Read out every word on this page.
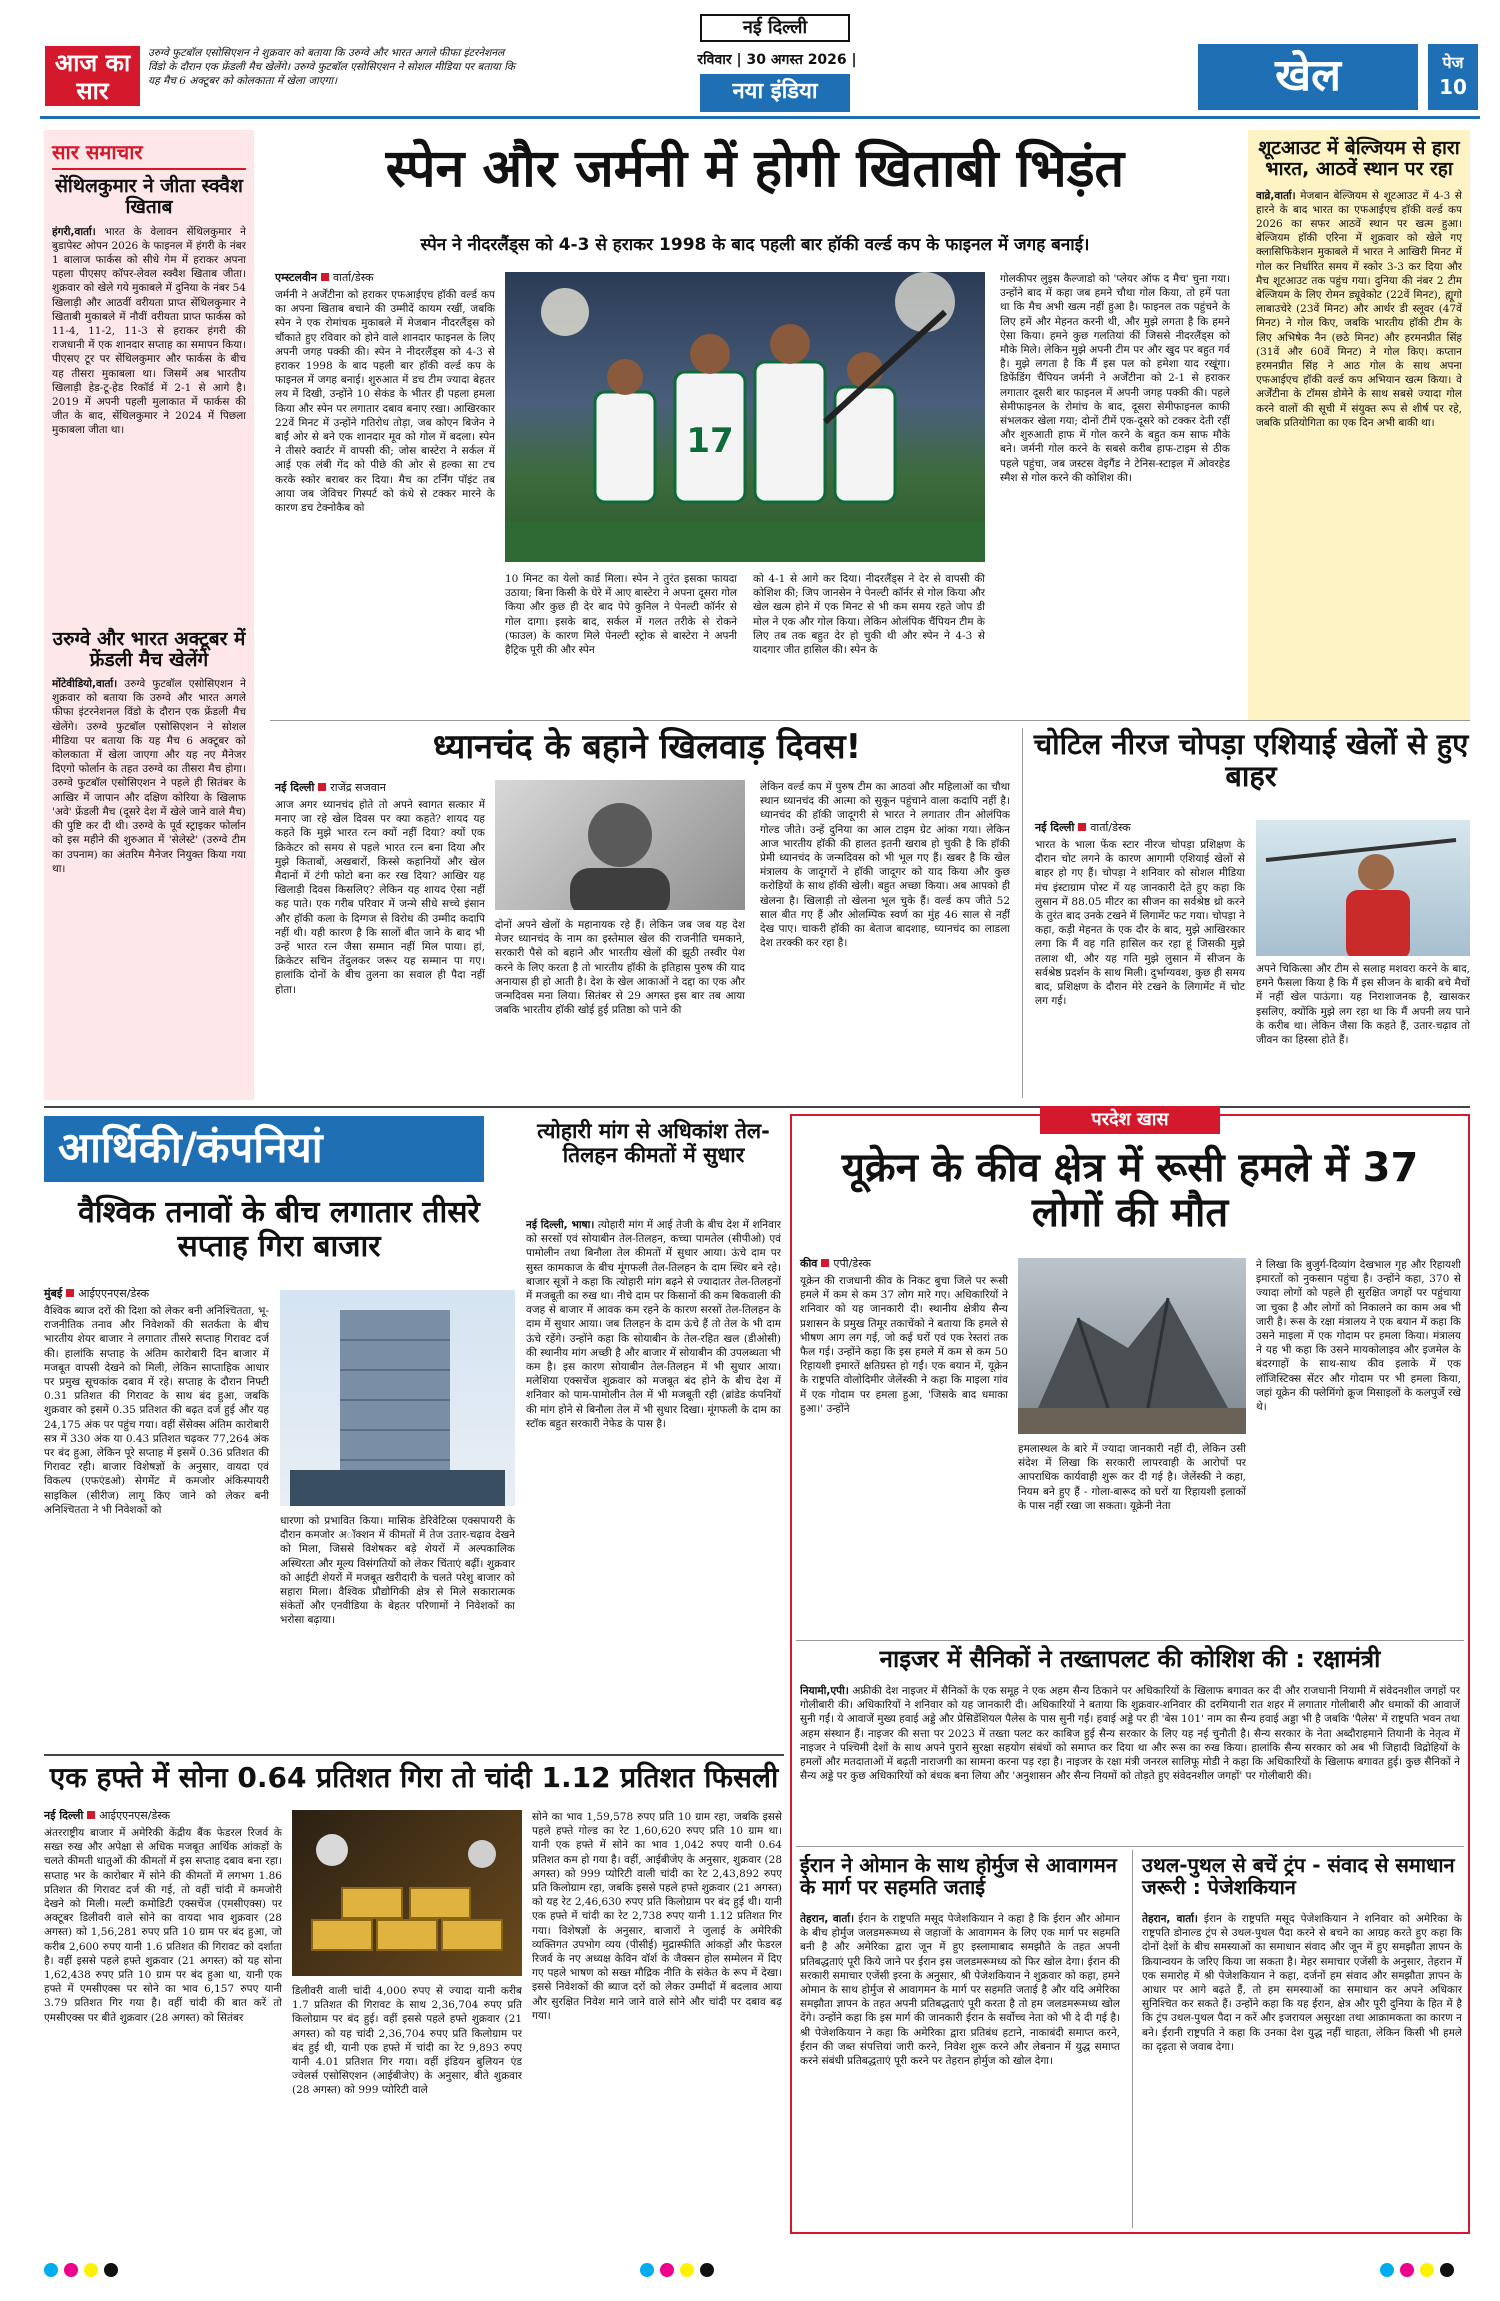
आज का सार
उरुग्वे फुटबॉल एसोसिएशन ने शुक्रवार को बताया कि उरुग्वे और भारत अगले फीफा इंटरनेशनल विंडो के दौरान एक फ्रेंडली मैच खेलेंगे। उरुग्वे फुटबॉल एसोसिएशन ने सोशल मीडिया पर बताया कि यह मैच 6 अक्टूबर को कोलकाता में खेला जाएगा।
नई दिल्ली
रविवार | 30 अगस्त 2026 |
नया इंडिया	खेल	पेज
10
सार समाचार
सेंथिलकुमार ने जीता स्क्वैश खिताब
हंगरी,वार्ता। भारत के वेलावन सेंथिलकुमार ने बुडापेस्ट ओपन 2026 के फाइनल में हंगरी के नंबर 1 बालाज फार्कस को सीधे गेम में हराकर अपना पहला पीएसए कॉपर-लेवल स्क्वैश खिताब जीता। शुक्रवार को खेले गये मुकाबले में दुनिया के नंबर 54 खिलाड़ी और आठवीं वरीयता प्राप्त सेंथिलकुमार ने खिताबी मुकाबले में नौवीं वरीयता प्राप्त फार्कस को 11-4, 11-2, 11-3 से हराकर हंगरी की राजधानी में एक शानदार सप्ताह का समापन किया। पीएसए टूर पर सेंथिलकुमार और फार्कस के बीच यह तीसरा मुकाबला था। जिसमें अब भारतीय खिलाड़ी हेड-टू-हेड रिकॉर्ड में 2-1 से आगे है। 2019 में अपनी पहली मुलाकात में फार्कस की जीत के बाद, सेंथिलकुमार ने 2024 में पिछला मुकाबला जीता था।
उरुग्वे और भारत अक्टूबर में फ्रेंडली मैच खेलेंगे
मोंटेवीडियो,वार्ता। उरुग्वे फुटबॉल एसोसिएशन ने शुक्रवार को बताया कि उरुग्वे और भारत अगले फीफा इंटरनेशनल विंडो के दौरान एक फ्रेंडली मैच खेलेंगे। उरुग्वे फुटबॉल एसोसिएशन ने सोशल मीडिया पर बताया कि यह मैच 6 अक्टूबर को कोलकाता में खेला जाएगा और यह नए मैनेजर दिएगो फोर्लान के तहत उरुग्वे का तीसरा मैच होगा। उरुग्वे फुटबॉल एसोसिएशन ने पहले ही सितंबर के आखिर में जापान और दक्षिण कोरिया के खिलाफ 'अवे' फ्रेंडली मैच (दूसरे देश में खेले जाने वाले मैच) की पुष्टि कर दी थी। उरुग्वे के पूर्व स्ट्राइकर फोर्लान को इस महीने की शुरुआत में 'सेलेस्टे' (उरुग्वे टीम का उपनाम) का अंतरिम मैनेजर नियुक्त किया गया था।
स्पेन और जर्मनी में होगी खिताबी भिड़ंत
स्पेन ने नीदरलैंड्स को 4-3 से हराकर 1998 के बाद पहली बार हॉकी वर्ल्ड कप के फाइनल में जगह बनाई।
एम्स्टलवीन वार्ता/डेस्क
जर्मनी ने अर्जेंटीना को हराकर एफआईएच हॉकी वर्ल्ड कप का अपना खिताब बचाने की उम्मीदें कायम रखीं, जबकि स्पेन ने एक रोमांचक मुकाबले में मेजबान नीदरलैंड्स को चौंकाते हुए रविवार को होने वाले शानदार फाइनल के लिए अपनी जगह पक्की की। स्पेन ने नीदरलैंड्स को 4-3 से हराकर 1998 के बाद पहली बार हॉकी वर्ल्ड कप के फाइनल में जगह बनाई। शुरुआत में डच टीम ज्यादा बेहतर लय में दिखी, उन्होंने 10 सेकंड के भीतर ही पहला हमला किया और स्पेन पर लगातार दबाव बनाए रखा। आखिरकार 22वें मिनट में उन्होंने गतिरोध तोड़ा, जब कोएन बिजेन ने बाईं ओर से बने एक शानदार मूव को गोल में बदला। स्पेन ने तीसरे क्वार्टर में वापसी की; जोस बास्टेरा ने सर्कल में आई एक लंबी गेंद को पीछे की ओर से हल्का सा टच करके स्कोर बराबर कर दिया। मैच का टर्निंग पॉइंट तब आया जब जेविचर गिस्पर्ट को कंधे से टक्कर मारने के कारण डच टेक्नोकैब को
17
10 मिनट का येलो कार्ड मिला। स्पेन ने तुरंत इसका फायदा उठाया; बिना किसी के घेरे में आए बास्टेरा ने अपना दूसरा गोल किया और कुछ ही देर बाद पेपे कुनिल ने पेनल्टी कॉर्नर से गोल दागा। इसके बाद, सर्कल में गलत तरीके से रोकने (फाउल) के कारण मिले पेनल्टी स्ट्रोक से बास्टेरा ने अपनी हैट्रिक पूरी की और स्पेन
को 4-1 से आगे कर दिया। नीदरलैंड्स ने देर से वापसी की कोशिश की; जिप जानसेन ने पेनल्टी कॉर्नर से गोल किया और खेल खत्म होने में एक मिनट से भी कम समय रहते जोप डी मोल ने एक और गोल किया। लेकिन ओलंपिक चैंपियन टीम के लिए तब तक बहुत देर हो चुकी थी और स्पेन ने 4-3 से यादगार जीत हासिल की। स्पेन के
गोलकीपर लुइस कैल्जाडो को 'प्लेयर ऑफ द मैच' चुना गया। उन्होंने बाद में कहा जब हमने चौथा गोल किया, तो हमें पता था कि मैच अभी खत्म नहीं हुआ है। फाइनल तक पहुंचने के लिए हमें और मेहनत करनी थी, और मुझे लगता है कि हमने ऐसा किया। हमने कुछ गलतियां कीं जिससे नीदरलैंड्स को मौके मिले। लेकिन मुझे अपनी टीम पर और खुद पर बहुत गर्व है। मुझे लगता है कि मैं इस पल को हमेशा याद रखूंगा। डिफेंडिंग चैंपियन जर्मनी ने अर्जेंटीना को 2-1 से हराकर लगातार दूसरी बार फाइनल में अपनी जगह पक्की की। पहले सेमीफाइनल के रोमांच के बाद, दूसरा सेमीफाइनल काफी संभलकर खेला गया; दोनों टीमें एक-दूसरे को टक्कर देती रहीं और शुरुआती हाफ में गोल करने के बहुत कम साफ मौके बने। जर्मनी गोल करने के सबसे करीब हाफ-टाइम से ठीक पहले पहुंचा, जब जस्टस वेइगैंड ने टेनिस-स्टाइल में ओवरहेड स्मैश से गोल करने की कोशिश की।
शूटआउट में बेल्जियम से हारा भारत, आठवें स्थान पर रहा
वाव्रे,वार्ता। मेजबान बेल्जियम से शूटआउट में 4-3 से हारने के बाद भारत का एफआईएच हॉकी वर्ल्ड कप 2026 का सफर आठवें स्थान पर खत्म हुआ। बेल्जियम हॉकी एरिना में शुक्रवार को खेले गए क्लासिफिकेशन मुकाबले में भारत ने आखिरी मिनट में गोल कर निर्धारित समय में स्कोर 3-3 कर दिया और मैच शूटआउट तक पहुंच गया। दुनिया की नंबर 2 टीम बेल्जियम के लिए रोमन ड्यूवेकोट (22वें मिनट), ह्यूगो लाबाउचेरे (23वें मिनट) और आर्थर डी स्लूवर (47वें मिनट) ने गोल किए, जबकि भारतीय हॉकी टीम के लिए अभिषेक नैन (छठे मिनट) और हरमनप्रीत सिंह (31वें और 60वें मिनट) ने गोल किए। कप्तान हरमनप्रीत सिंह ने आठ गोल के साथ अपना एफआईएच हॉकी वर्ल्ड कप अभियान खत्म किया। वे अर्जेंटीना के टॉमस डोमेने के साथ सबसे ज्यादा गोल करने वालों की सूची में संयुक्त रूप से शीर्ष पर रहे, जबकि प्रतियोगिता का एक दिन अभी बाकी था।
ध्यानचंद के बहाने खिलवाड़ दिवस!
नई दिल्ली राजेंद्र सजवान
आज अगर ध्यानचंद होते तो अपने स्वागत सत्कार में मनाए जा रहे खेल दिवस पर क्या कहते? शायद यह कहते कि मुझे भारत रत्न क्यों नहीं दिया? क्यों एक क्रिकेटर को समय से पहले भारत रत्न बना दिया और मुझे किताबों, अखबारों, किस्से कहानियों और खेल मैदानों में टंगी फोटो बना कर रख दिया? आखिर यह खिलाड़ी दिवस किसलिए? लेकिन यह शायद ऐसा नहीं कह पाते। एक गरीब परिवार में जन्मे सीधे सच्चे इंसान और हॉकी कला के दिग्गज से विरोध की उम्मीद कदापि नहीं थी। यही कारण है कि सालों बीत जाने के बाद भी उन्हें भारत रत्न जैसा सम्मान नहीं मिल पाया। हां, क्रिकेटर सचिन तेंदुलकर जरूर यह सम्मान पा गए। हालांकि दोनों के बीच तुलना का सवाल ही पैदा नहीं होता।
दोनों अपने खेलों के महानायक रहे हैं। लेकिन जब जब यह देश मेजर ध्यानचंद के नाम का इस्तेमाल खेल की राजनीति चमकाने, सरकारी पैसे को बहाने और भारतीय खेलों की झूठी तस्वीर पेश करने के लिए करता है तो भारतीय हॉकी के इतिहास पुरुष की याद अनायास ही हो आती है। देश के खेल आकाओं ने दद्दा का एक और जन्मदिवस मना लिया। सितंबर से 29 अगस्त इस बार तब आया जबकि भारतीय हॉकी खोई हुई प्रतिष्ठा को पाने की
लेकिन वर्ल्ड कप में पुरुष टीम का आठवां और महिलाओं का चौथा स्थान ध्यानचंद की आत्मा को सुकून पहुंचाने वाला कदापि नहीं है। ध्यानचंद की हॉकी जादूगरी से भारत ने लगातार तीन ओलंपिक गोल्ड जीते। उन्हें दुनिया का आल टाइम ग्रेट आंका गया। लेकिन आज भारतीय हॉकी की हालत इतनी खराब हो चुकी है कि हॉकी प्रेमी ध्यानचंद के जन्मदिवस को भी भूल गए हैं। खबर है कि खेल मंत्रालय के जादूगरों ने हॉकी जादूगर को याद किया और कुछ करोड़ियों के साथ हॉकी खेली। बहुत अच्छा किया। अब आपको ही खेलना है। खिलाड़ी तो खेलना भूल चुके हैं। वर्ल्ड कप जीते 52 साल बीत गए हैं और ओलम्पिक स्वर्ण का मुंह 46 साल से नहीं देख पाए। चाकरी हॉकी का बेताज बादशाह, ध्यानचंद का लाडला देश तरक्की कर रहा है।
चोटिल नीरज चोपड़ा एशियाई खेलों से हुए बाहर
नई दिल्ली वार्ता/डेस्क
भारत के भाला फेंक स्टार नीरज चोपड़ा प्रशिक्षण के दौरान चोट लगने के कारण आगामी एशियाई खेलों से बाहर हो गए हैं। चोपड़ा ने शनिवार को सोशल मीडिया मंच इंस्टाग्राम पोस्ट में यह जानकारी देते हुए कहा कि लुसान में 88.05 मीटर का सीजन का सर्वश्रेष्ठ थ्रो करने के तुरंत बाद उनके टखने में लिगामेंट फट गया। चोपड़ा ने कहा, कड़ी मेहनत के एक दौर के बाद, मुझे आखिरकार लगा कि मैं वह गति हासिल कर रहा हूं जिसकी मुझे तलाश थी, और यह गति मुझे लुसान में सीजन के सर्वश्रेष्ठ प्रदर्शन के साथ मिली। दुर्भाग्यवश, कुछ ही समय बाद, प्रशिक्षण के दौरान मेरे टखने के लिगामेंट में चोट लग गई।
अपने चिकित्सा और टीम से सलाह मशवरा करने के बाद, हमने फैसला किया है कि मैं इस सीजन के बाकी बचे मैचों में नहीं खेल पाऊंगा। यह निराशाजनक है, खासकर इसलिए, क्योंकि मुझे लग रहा था कि मैं अपनी लय पाने के करीब था। लेकिन जैसा कि कहते हैं, उतार-चढ़ाव तो जीवन का हिस्सा होते हैं।
आर्थिकी/कंपनियां
वैश्विक तनावों के बीच लगातार तीसरे सप्ताह गिरा बाजार
मुंबई आईएएनएस/डेस्क
वैश्विक ब्याज दरों की दिशा को लेकर बनी अनिश्चितता, भू-राजनीतिक तनाव और निवेशकों की सतर्कता के बीच भारतीय शेयर बाजार ने लगातार तीसरे सप्ताह गिरावट दर्ज की। हालांकि सप्ताह के अंतिम कारोबारी दिन बाजार में मजबूत वापसी देखने को मिली, लेकिन साप्ताहिक आधार पर प्रमुख सूचकांक दबाव में रहे। सप्ताह के दौरान निफ्टी 0.31 प्रतिशत की गिरावट के साथ बंद हुआ, जबकि शुक्रवार को इसमें 0.35 प्रतिशत की बढ़त दर्ज हुई और यह 24,175 अंक पर पहुंच गया। वहीं सेंसेक्स अंतिम कारोबारी सत्र में 330 अंक या 0.43 प्रतिशत चढ़कर 77,264 अंक पर बंद हुआ, लेकिन पूरे सप्ताह में इसमें 0.36 प्रतिशत की गिरावट रही। बाजार विशेषज्ञों के अनुसार, वायदा एवं विकल्प (एफएंडओ) सेगमेंट में कमजोर अंकिस्पायरी साइकिल (सीरीज) लागू किए जाने को लेकर बनी अनिश्चितता ने भी निवेशकों को
धारणा को प्रभावित किया। मासिक डेरिवेटिव्स एक्सपायरी के दौरान कमजोर अॉक्शन में कीमतों में तेज उतार-चढ़ाव देखने को मिला, जिससे विशेषकर बड़े शेयरों में अल्पकालिक अस्थिरता और मूल्य विसंगतियों को लेकर चिंताएं बढ़ीं। शुक्रवार को आईटी शेयरों में मजबूत खरीदारी के चलते परेशु बाजार को सहारा मिला। वैश्विक प्रौद्योगिकी क्षेत्र से मिले सकारात्मक संकेतों और एनवीडिया के बेहतर परिणामों ने निवेशकों का भरोसा बढ़ाया।
त्योहारी मांग से अधिकांश तेल-तिलहन कीमतों में सुधार
नई दिल्ली, भाषा। त्योहारी मांग में आई तेजी के बीच देश में शनिवार को सरसों एवं सोयाबीन तेल-तिलहन, कच्चा पामतेल (सीपीओ) एवं पामोलीन तथा बिनौला तेल कीमतों में सुधार आया। ऊंचे दाम पर सुस्त कामकाज के बीच मूंगफली तेल-तिलहन के दाम स्थिर बने रहे। बाजार सूत्रों ने कहा कि त्योहारी मांग बढ़ने से ज्यादातर तेल-तिलहनों में मजबूती का रुख था। नीचे दाम पर किसानों की कम बिकवाली की वजह से बाजार में आवक कम रहने के कारण सरसों तेल-तिलहन के दाम में सुधार आया। जब तिलहन के दाम ऊंचे हैं तो तेल के भी दाम ऊंचे रहेंगे। उन्होंने कहा कि सोयाबीन के तेल-रहित खल (डीओसी) की स्थानीय मांग अच्छी है और बाजार में सोयाबीन की उपलब्धता भी कम है। इस कारण सोयाबीन तेल-तिलहन में भी सुधार आया। मलेशिया एक्सचेंज शुक्रवार को मजबूत बंद होने के बीच देश में शनिवार को पाम-पामोलीन तेल में भी मजबूती रही (ब्रांडेड कंपनियों की मांग होने से बिनौला तेल में भी सुधार दिखा। मूंगफली के दाम का स्टॉक बहुत सरकारी नेफेड के पास है।
एक हफ्ते में सोना 0.64 प्रतिशत गिरा तो चांदी 1.12 प्रतिशत फिसली
नई दिल्ली आईएएनएस/डेस्क
अंतरराष्ट्रीय बाजार में अमेरिकी केंद्रीय बैंक फेडरल रिजर्व के सख्त रुख और अपेक्षा से अधिक मजबूत आर्थिक आंकड़ों के चलते कीमती धातुओं की कीमतों में इस सप्ताह दबाव बना रहा। सप्ताह भर के कारोबार में सोने की कीमतों में लगभग 1.86 प्रतिशत की गिरावट दर्ज की गई, तो वहीं चांदी में कमजोरी देखने को मिली। मल्टी कमोडिटी एक्सचेंज (एमसीएक्स) पर अक्टूबर डिलीवरी वाले सोने का वायदा भाव शुक्रवार (28 अगस्त) को 1,56,281 रुपए प्रति 10 ग्राम पर बंद हुआ, जो करीब 2,600 रुपए यानी 1.6 प्रतिशत की गिरावट को दर्शाता है। वहीं इससे पहले हफ्ते शुक्रवार (21 अगस्त) को यह सोना 1,62,438 रुपए प्रति 10 ग्राम पर बंद हुआ था, यानी एक हफ्ते में एमसीएक्स पर सोने का भाव 6,157 रुपए यानी 3.79 प्रतिशत गिर गया है। वहीं चांदी की बात करें तो एमसीएक्स पर बीते शुक्रवार (28 अगस्त) को सितंबर
डिलीवरी वाली चांदी 4,000 रुपए से ज्यादा यानी करीब 1.7 प्रतिशत की गिरावट के साथ 2,36,704 रुपए प्रति किलोग्राम पर बंद हुई। वहीं इससे पहले हफ्ते शुक्रवार (21 अगस्त) को यह चांदी 2,36,704 रुपए प्रति किलोग्राम पर बंद हुई थी, यानी एक हफ्ते में चांदी का रेट 9,893 रुपए यानी 4.01 प्रतिशत गिर गया। वहीं इंडियन बुलियन एंड ज्वेलर्स एसोसिएशन (आईबीजेए) के अनुसार, बीते शुक्रवार (28 अगस्त) को 999 प्योरिटी वाले
सोने का भाव 1,59,578 रुपए प्रति 10 ग्राम रहा, जबकि इससे पहले हफ्ते गोल्ड का रेट 1,60,620 रुपए प्रति 10 ग्राम था। यानी एक हफ्ते में सोने का भाव 1,042 रुपए यानी 0.64 प्रतिशत कम हो गया है। वहीं, आईबीजेए के अनुसार, शुक्रवार (28 अगस्त) को 999 प्योरिटी वाली चांदी का रेट 2,43,892 रुपए प्रति किलोग्राम रहा, जबकि इससे पहले हफ्ते शुक्रवार (21 अगस्त) को यह रेट 2,46,630 रुपए प्रति किलोग्राम पर बंद हुई थी। यानी एक हफ्ते में चांदी का रेट 2,738 रुपए यानी 1.12 प्रतिशत गिर गया। विशेषज्ञों के अनुसार, बाजारों ने जुलाई के अमेरिकी व्यक्तिगत उपभोग व्यय (पीसीई) मुद्रास्फीति आंकड़ों और फेडरल रिजर्व के नए अध्यक्ष केविन वॉर्श के जैक्सन होल सम्मेलन में दिए गए पहले भाषण को सख्त मौद्रिक नीति के संकेत के रूप में देखा। इससे निवेशकों की ब्याज दरों को लेकर उम्मीदों में बदलाव आया और सुरक्षित निवेश माने जाने वाले सोने और चांदी पर दबाव बढ़ गया।
परदेश खास
यूक्रेन के कीव क्षेत्र में रूसी हमले में 37 लोगों की मौत
कीव एपी/डेस्क
यूक्रेन की राजधानी कीव के निकट बुचा जिले पर रूसी हमले में कम से कम 37 लोग मारे गए। अधिकारियों ने शनिवार को यह जानकारी दी। स्थानीय क्षेत्रीय सैन्य प्रशासन के प्रमुख तिमूर तकाचेंको ने बताया कि हमले से भीषण आग लग गई, जो कई घरों एवं एक रेस्तरां तक फैल गई। उन्होंने कहा कि इस हमले में कम से कम 50 रिहायशी इमारतें क्षतिग्रस्त हो गईं। एक बयान में, यूक्रेन के राष्ट्रपति वोलोदिमीर जेलेंस्की ने कहा कि माइला गांव में एक गोदाम पर हमला हुआ, 'जिसके बाद धमाका हुआ।' उन्होंने
हमलास्थल के बारे में ज्यादा जानकारी नहीं दी, लेकिन उसी संदेश में लिखा कि सरकारी लापरवाही के आरोपों पर आपराधिक कार्यवाही शुरू कर दी गई है। जेलेंस्की ने कहा, नियम बने हुए हैं - गोला-बारूद को घरों या रिहायशी इलाकों के पास नहीं रखा जा सकता। यूक्रेनी नेता
ने लिखा कि बुजुर्ग-दिव्यांग देखभाल गृह और रिहायशी इमारतों को नुकसान पहुंचा है। उन्होंने कहा, 370 से ज्यादा लोगों को पहले ही सुरक्षित जगहों पर पहुंचाया जा चुका है और लोगों को निकालने का काम अब भी जारी है। रूस के रक्षा मंत्रालय ने एक बयान में कहा कि उसने माइला में एक गोदाम पर हमला किया। मंत्रालय ने यह भी कहा कि उसने मायकोलाइव और इजमेल के बंदरगाहों के साथ-साथ कीव इलाके में एक लॉजिस्टिक्स सेंटर और गोदाम पर भी हमला किया, जहां यूक्रेन की फ्लेमिंगो क्रूज मिसाइलों के कलपुर्जे रखे थे।
नाइजर में सैनिकों ने तख्तापलट की कोशिश की : रक्षामंत्री
नियामी,एपी। अफ्रीकी देश नाइजर में सैनिकों के एक समूह ने एक अहम सैन्य ठिकाने पर अधिकारियों के खिलाफ बगावत कर दी और राजधानी नियामी में संवेदनशील जगहों पर गोलीबारी की। अधिकारियों ने शनिवार को यह जानकारी दी। अधिकारियों ने बताया कि शुक्रवार-शनिवार की दरमियानी रात शहर में लगातार गोलीबारी और धमाकों की आवाजें सुनी गईं। ये आवाजें मुख्य हवाई अड्डे और प्रेसिडेंशियल पैलेस के पास सुनी गईं। हवाई अड्डे पर ही 'बेस 101' नाम का सैन्य हवाई अड्डा भी है जबकि 'पैलेस' में राष्ट्रपति भवन तथा अहम संस्थान हैं। नाइजर की सत्ता पर 2023 में तख्ता पलट कर काबिज हुई सैन्य सरकार के लिए यह नई चुनौती है। सैन्य सरकार के नेता अब्दौराहमाने तियानी के नेतृत्व में नाइजर ने पश्चिमी देशों के साथ अपने पुराने सुरक्षा सहयोग संबंधों को समाप्त कर दिया था और रूस का रुख किया। हालांकि सैन्य सरकार को अब भी जिहादी विद्रोहियों के हमलों और मतदाताओं में बढ़ती नाराजगी का सामना करना पड़ रहा है। नाइजर के रक्षा मंत्री जनरल सालिफू मोडी ने कहा कि अधिकारियों के खिलाफ बगावत हुई। कुछ सैनिकों ने सैन्य अड्डे पर कुछ अधिकारियों को बंधक बना लिया और 'अनुशासन और सैन्य नियमों को तोड़ते हुए संवेदनशील जगहों' पर गोलीबारी की।
ईरान ने ओमान के साथ होर्मुज से आवागमन के मार्ग पर सहमति जताई
तेहरान, वार्ता। ईरान के राष्ट्रपति मसूद पेजेशकियान ने कहा है कि ईरान और ओमान के बीच होर्मुज जलडमरूमध्य से जहाजों के आवागमन के लिए एक मार्ग पर सहमति बनी है और अमेरिका द्वारा जून में हुए इस्लामाबाद समझौते के तहत अपनी प्रतिबद्धताएं पूरी किये जाने पर ईरान इस जलडमरूमध्य को फिर खोल देगा। ईरान की सरकारी समाचार एजेंसी इरना के अनुसार, श्री पेजेशकियान ने शुक्रवार को कहा, हमने ओमान के साथ होर्मुज से आवागमन के मार्ग पर सहमति जताई है और यदि अमेरिका समझौता ज्ञापन के तहत अपनी प्रतिबद्धताएं पूरी करता है तो हम जलडमरूमध्य खोल देंगे। उन्होंने कहा कि इस मार्ग की जानकारी ईरान के सर्वोच्च नेता को भी दे दी गई है। श्री पेजेशकियान ने कहा कि अमेरिका द्वारा प्रतिबंध हटाने, नाकाबंदी समाप्त करने, ईरान की जब्त संपत्तियां जारी करने, निवेश शुरू करने और लेबनान में युद्ध समाप्त करने संबंधी प्रतिबद्धताएं पूरी करने पर तेहरान होर्मुज को खोल देगा।
उथल-पुथल से बचें ट्रंप - संवाद से समाधान जरूरी : पेजेशकियान
तेहरान, वार्ता। ईरान के राष्ट्रपति मसूद पेजेशकियान ने शनिवार को अमेरिका के राष्ट्रपति डोनाल्ड ट्रंप से उथल-पुथल पैदा करने से बचने का आग्रह करते हुए कहा कि दोनों देशों के बीच समस्याओं का समाधान संवाद और जून में हुए समझौता ज्ञापन के क्रियान्वयन के जरिए किया जा सकता है। मेहर समाचार एजेंसी के अनुसार, तेहरान में एक समारोह में श्री पेजेशकियान ने कहा, दर्जनों हम संवाद और समझौता ज्ञापन के आधार पर आगे बढ़ते हैं, तो हम समस्याओं का समाधान कर अपने अधिकार सुनिश्चित कर सकते हैं। उन्होंने कहा कि यह ईरान, क्षेत्र और पूरी दुनिया के हित में है कि ट्रंप उथल-पुथल पैदा न करें और इजरायल असुरक्षा तथा आक्रामकता का कारण न बने। ईरानी राष्ट्रपति ने कहा कि उनका देश युद्ध नहीं चाहता, लेकिन किसी भी हमले का दृढ़ता से जवाब देगा।
